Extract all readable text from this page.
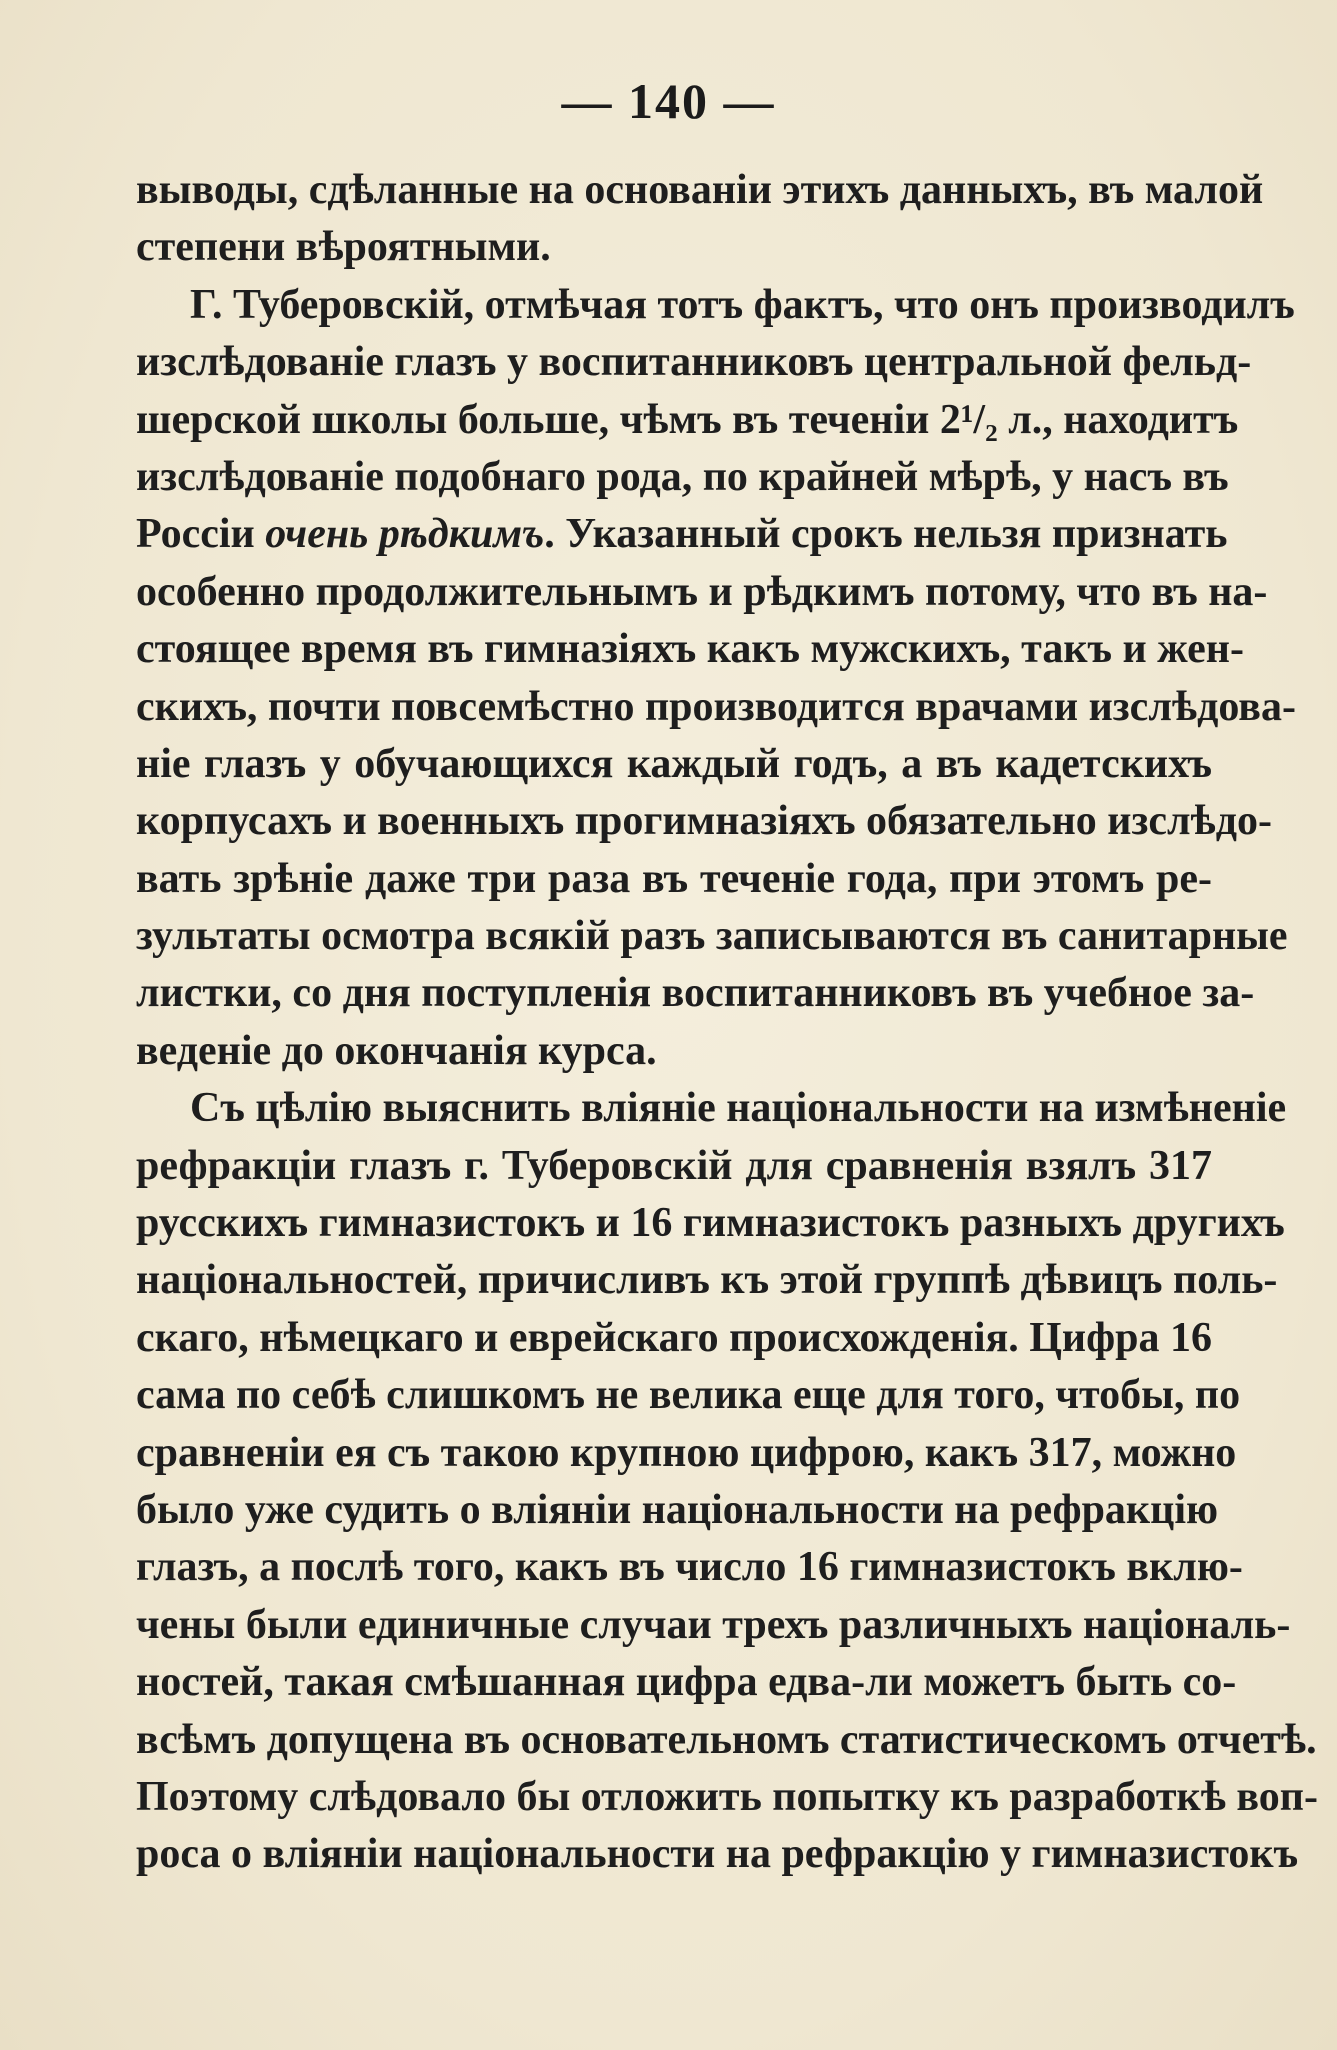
— 140 —
выводы, сдѣланные на основаніи этихъ данныхъ, въ малой
степени вѣроятными.
Г. Туберовскій, отмѣчая тотъ фактъ, что онъ производилъ
изслѣдованіе глазъ у воспитанниковъ центральной фельд-
шерской школы больше, чѣмъ въ теченіи 2¹/₂ л., находитъ
изслѣдованіе подобнаго рода, по крайней мѣрѣ, у насъ въ
Россіи очень рѣдкимъ. Указанный срокъ нельзя признать
особенно продолжительнымъ и рѣдкимъ потому, что въ на-
стоящее время въ гимназіяхъ какъ мужскихъ, такъ и жен-
скихъ, почти повсемѣстно производится врачами изслѣдова-
ніе глазъ у обучающихся каждый годъ, а въ кадетскихъ
корпусахъ и военныхъ прогимназіяхъ обязательно изслѣдо-
вать зрѣніе даже три раза въ теченіе года, при этомъ ре-
зультаты осмотра всякій разъ записываются въ санитарные
листки, со дня поступленія воспитанниковъ въ учебное за-
веденіе до окончанія курса.
Съ цѣлію выяснить вліяніе національности на измѣненіе
рефракціи глазъ г. Туберовскій для сравненія взялъ 317
русскихъ гимназистокъ и 16 гимназистокъ разныхъ другихъ
національностей, причисливъ къ этой группѣ дѣвицъ поль-
скаго, нѣмецкаго и еврейскаго происхожденія. Цифра 16
сама по себѣ слишкомъ не велика еще для того, чтобы, по
сравненіи ея съ такою крупною цифрою, какъ 317, можно
было уже судить о вліяніи національности на рефракцію
глазъ, а послѣ того, какъ въ число 16 гимназистокъ вклю-
чены были единичные случаи трехъ различныхъ національ-
ностей, такая смѣшанная цифра едва-ли можетъ быть со-
всѣмъ допущена въ основательномъ статистическомъ отчетѣ.
Поэтому слѣдовало бы отложить попытку къ разработкѣ воп-
роса о вліяніи національности на рефракцію у гимназистокъ
